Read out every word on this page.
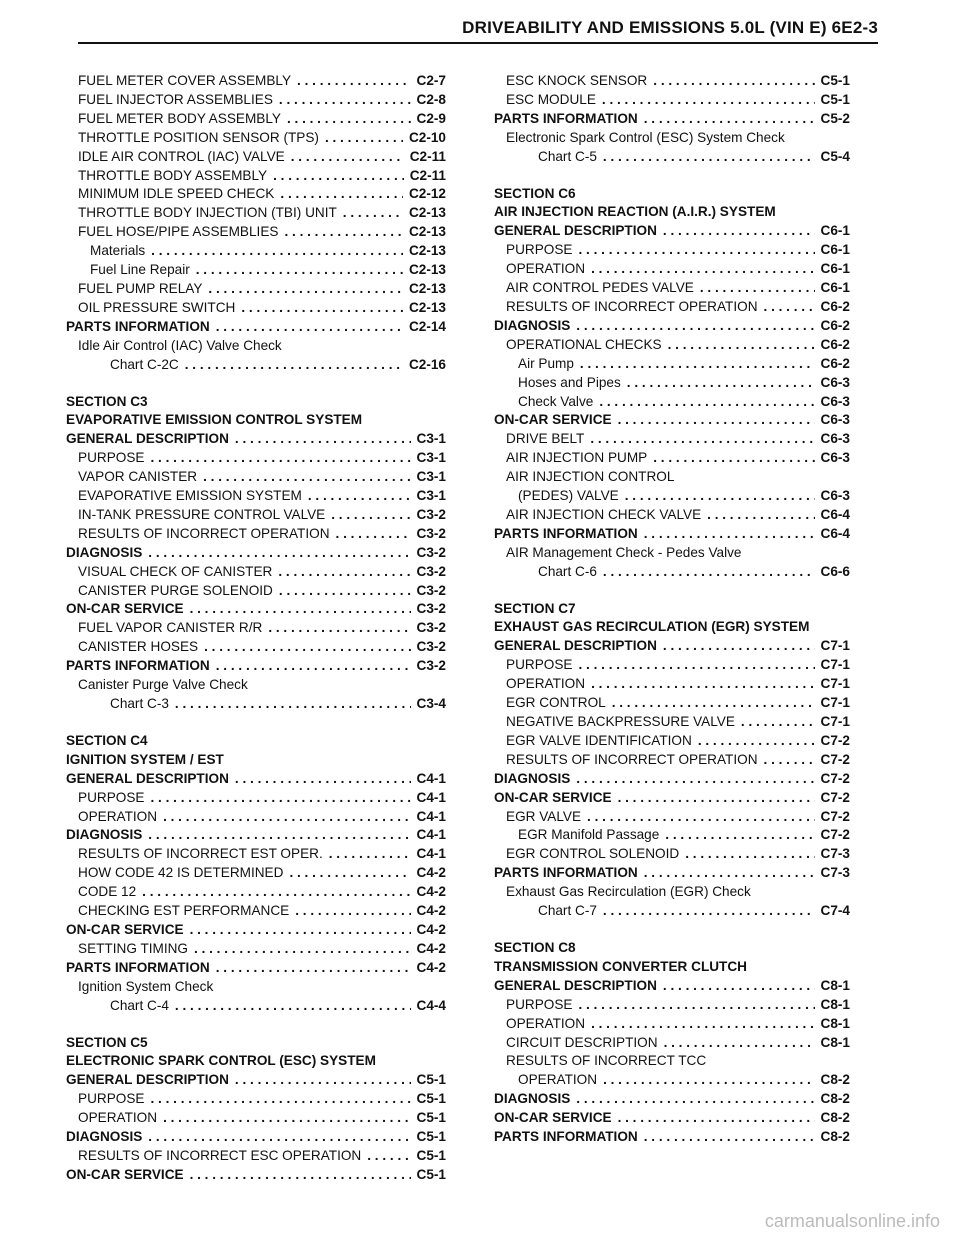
DRIVEABILITY AND EMISSIONS 5.0L (VIN E) 6E2-3
FUEL METER COVER ASSEMBLY . . .	C2-7
FUEL INJECTOR ASSEMBLIES . . .	C2-8
FUEL METER BODY ASSEMBLY . . .	C2-9
THROTTLE POSITION SENSOR (TPS) . . .	C2-10
IDLE AIR CONTROL (IAC) VALVE . . .	C2-11
THROTTLE BODY ASSEMBLY . . .	C2-11
MINIMUM IDLE SPEED CHECK . . .	C2-12
THROTTLE BODY INJECTION (TBI) UNIT . . .	C2-13
FUEL HOSE/PIPE ASSEMBLIES . . .	C2-13
Materials . . .	C2-13
Fuel Line Repair . . .	C2-13
FUEL PUMP RELAY . . .	C2-13
OIL PRESSURE SWITCH . . .	C2-13
PARTS INFORMATION . . .	C2-14
Idle Air Control (IAC) Valve Check
Chart C-2C . . .	C2-16
SECTION C3
EVAPORATIVE EMISSION CONTROL SYSTEM
GENERAL DESCRIPTION . . .	C3-1
PURPOSE . . .	C3-1
VAPOR CANISTER . . .	C3-1
EVAPORATIVE EMISSION SYSTEM . . .	C3-1
IN-TANK PRESSURE CONTROL VALVE . . .	C3-2
RESULTS OF INCORRECT OPERATION . . .	C3-2
DIAGNOSIS . . .	C3-2
VISUAL CHECK OF CANISTER . . .	C3-2
CANISTER PURGE SOLENOID . . .	C3-2
ON-CAR SERVICE . . .	C3-2
FUEL VAPOR CANISTER R/R . . .	C3-2
CANISTER HOSES . . .	C3-2
PARTS INFORMATION . . .	C3-2
Canister Purge Valve Check
Chart C-3 . . .	C3-4
SECTION C4
IGNITION SYSTEM / EST
GENERAL DESCRIPTION . . .	C4-1
PURPOSE . . .	C4-1
OPERATION . . .	C4-1
DIAGNOSIS . . .	C4-1
RESULTS OF INCORRECT EST OPER. . . .	C4-1
HOW CODE 42 IS DETERMINED . . .	C4-2
CODE 12 . . .	C4-2
CHECKING EST PERFORMANCE . . .	C4-2
ON-CAR SERVICE . . .	C4-2
SETTING TIMING . . .	C4-2
PARTS INFORMATION . . .	C4-2
Ignition System Check
Chart C-4 . . .	C4-4
SECTION C5
ELECTRONIC SPARK CONTROL (ESC) SYSTEM
GENERAL DESCRIPTION . . .	C5-1
PURPOSE . . .	C5-1
OPERATION . . .	C5-1
DIAGNOSIS . . .	C5-1
RESULTS OF INCORRECT ESC OPERATION . . .	C5-1
ON-CAR SERVICE . . .	C5-1
ESC KNOCK SENSOR . . .	C5-1
ESC MODULE . . .	C5-1
PARTS INFORMATION . . .	C5-2
Electronic Spark Control (ESC) System Check
Chart C-5 . . .	C5-4
SECTION C6
AIR INJECTION REACTION (A.I.R.) SYSTEM
GENERAL DESCRIPTION . . .	C6-1
PURPOSE . . .	C6-1
OPERATION . . .	C6-1
AIR CONTROL PEDES VALVE . . .	C6-1
RESULTS OF INCORRECT OPERATION . . .	C6-2
DIAGNOSIS . . .	C6-2
OPERATIONAL CHECKS . . .	C6-2
Air Pump . . .	C6-2
Hoses and Pipes . . .	C6-3
Check Valve . . .	C6-3
ON-CAR SERVICE . . .	C6-3
DRIVE BELT . . .	C6-3
AIR INJECTION PUMP . . .	C6-3
AIR INJECTION CONTROL
(PEDES) VALVE . . .	C6-3
AIR INJECTION CHECK VALVE . . .	C6-4
PARTS INFORMATION . . .	C6-4
AIR Management Check - Pedes Valve
Chart C-6 . . .	C6-6
SECTION C7
EXHAUST GAS RECIRCULATION (EGR) SYSTEM
GENERAL DESCRIPTION . . .	C7-1
PURPOSE . . .	C7-1
OPERATION . . .	C7-1
EGR CONTROL . . .	C7-1
NEGATIVE BACKPRESSURE VALVE . . .	C7-1
EGR VALVE IDENTIFICATION . . .	C7-2
RESULTS OF INCORRECT OPERATION . . .	C7-2
DIAGNOSIS . . .	C7-2
ON-CAR SERVICE . . .	C7-2
EGR VALVE . . .	C7-2
EGR Manifold Passage . . .	C7-2
EGR CONTROL SOLENOID . . .	C7-3
PARTS INFORMATION . . .	C7-3
Exhaust Gas Recirculation (EGR) Check
Chart C-7 . . .	C7-4
SECTION C8
TRANSMISSION CONVERTER CLUTCH
GENERAL DESCRIPTION . . .	C8-1
PURPOSE . . .	C8-1
OPERATION . . .	C8-1
CIRCUIT DESCRIPTION . . .	C8-1
RESULTS OF INCORRECT TCC
OPERATION . . .	C8-2
DIAGNOSIS . . .	C8-2
ON-CAR SERVICE . . .	C8-2
PARTS INFORMATION . . .	C8-2
carmanualsonline.info
